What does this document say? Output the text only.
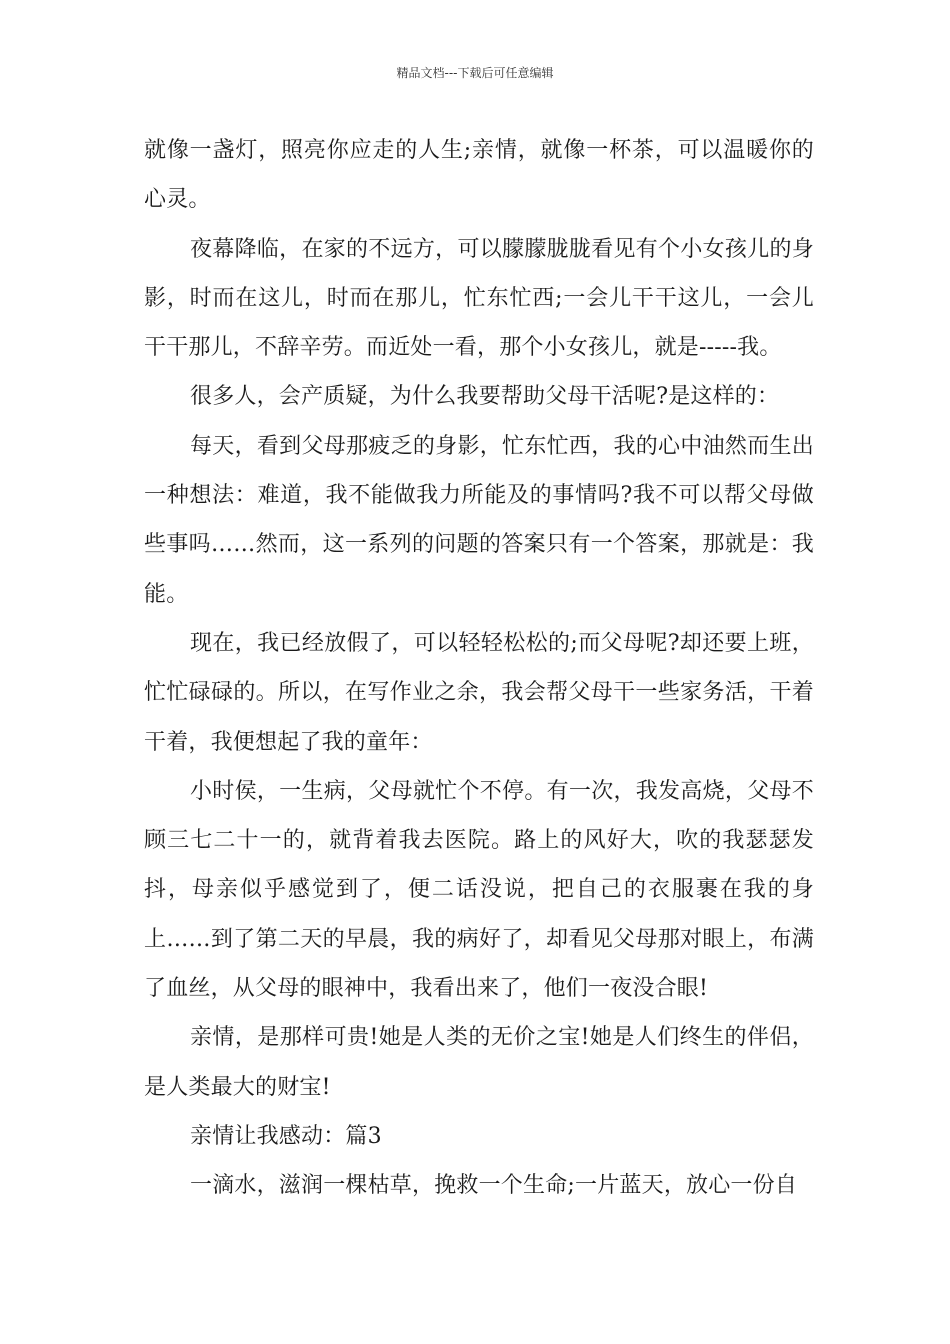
精品文档---下载后可任意编辑

就像一盏灯，照亮你应走的人生;亲情，就像一杯茶，可以温暖你的心灵。

夜幕降临，在家的不远方，可以朦朦胧胧看见有个小女孩儿的身影，时而在这儿，时而在那儿，忙东忙西;一会儿干干这儿，一会儿干干那儿，不辞辛劳。而近处一看，那个小女孩儿，就是-----我。

很多人，会产质疑，为什么我要帮助父母干活呢?是这样的：

每天，看到父母那疲乏的身影，忙东忙西，我的心中油然而生出一种想法：难道，我不能做我力所能及的事情吗?我不可以帮父母做些事吗……然而，这一系列的问题的答案只有一个答案，那就是：我能。

现在，我已经放假了，可以轻轻松松的;而父母呢?却还要上班，忙忙碌碌的。所以，在写作业之余，我会帮父母干一些家务活，干着干着，我便想起了我的童年：

小时侯，一生病，父母就忙个不停。有一次，我发高烧，父母不顾三七二十一的，就背着我去医院。路上的风好大，吹的我瑟瑟发抖，母亲似乎感觉到了，便二话没说，把自己的衣服裹在我的身上……到了第二天的早晨，我的病好了，却看见父母那对眼上，布满了血丝，从父母的眼神中，我看出来了，他们一夜没合眼!

亲情，是那样可贵!她是人类的无价之宝!她是人们终生的伴侣，是人类最大的财宝!

亲情让我感动：篇3

一滴水，滋润一棵枯草，挽救一个生命;一片蓝天，放心一份自
